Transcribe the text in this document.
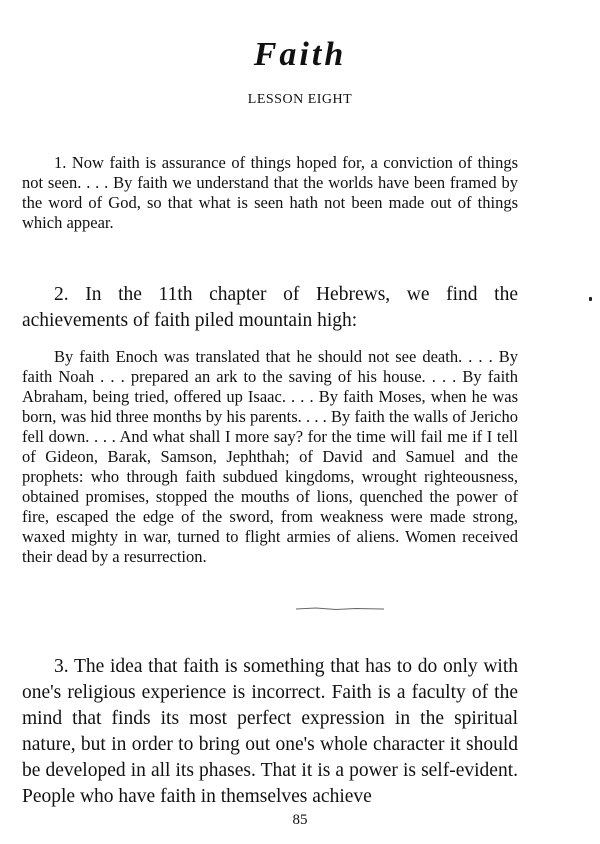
Faith
LESSON EIGHT

1. Now faith is assurance of things hoped for, a conviction of things not seen. . . . By faith we understand that the worlds have been framed by the word of God, so that what is seen hath not been made out of things which appear.

2. In the 11th chapter of Hebrews, we find the achievements of faith piled mountain high:

By faith Enoch was translated that he should not see death. . . . By faith Noah . . . prepared an ark to the saving of his house. . . . By faith Abraham, being tried, offered up Isaac. . . . By faith Moses, when he was born, was hid three months by his parents. . . . By faith the walls of Jericho fell down. . . . And what shall I more say? for the time will fail me if I tell of Gideon, Barak, Samson, Jephthah; of David and Samuel and the prophets: who through faith subdued kingdoms, wrought righteousness, obtained promises, stopped the mouths of lions, quenched the power of fire, escaped the edge of the sword, from weakness were made strong, waxed mighty in war, turned to flight armies of aliens. Women received their dead by a resurrection.

3. The idea that faith is something that has to do only with one's religious experience is incorrect. Faith is a faculty of the mind that finds its most perfect expression in the spiritual nature, but in order to bring out one's whole character it should be developed in all its phases. That it is a power is self-evident. People who have faith in themselves achieve

85
